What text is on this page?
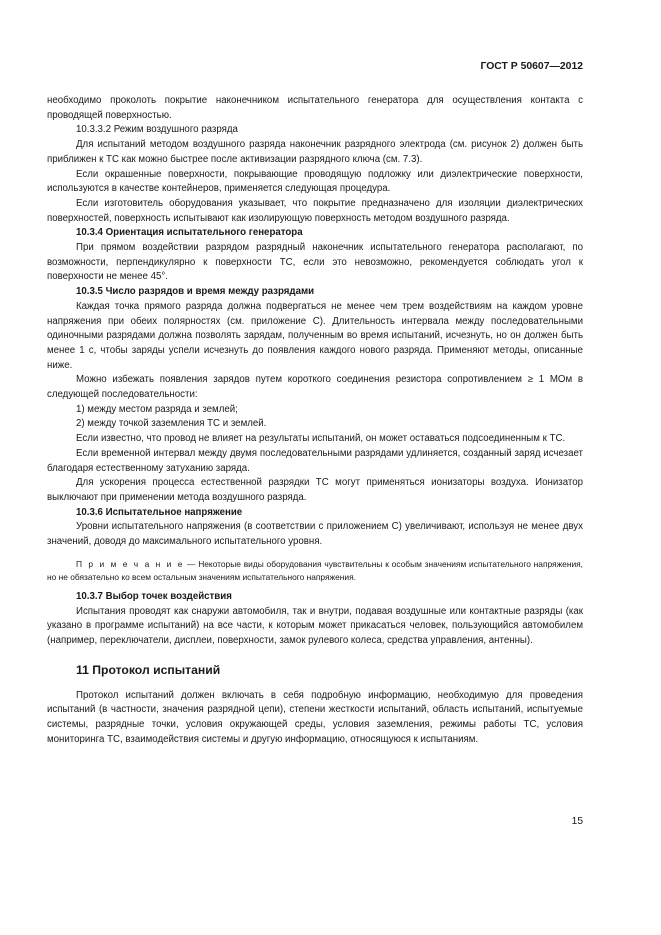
ГОСТ Р 50607—2012

необходимо проколоть покрытие наконечником испытательного генератора для осуществления контакта с проводящей поверхностью.

10.3.3.2 Режим воздушного разряда

Для испытаний методом воздушного разряда наконечник разрядного электрода (см. рисунок 2) должен быть приближен к ТС как можно быстрее после активизации разрядного ключа (см. 7.3).

Если окрашенные поверхности, покрывающие проводящую подложку или диэлектрические поверхности, используются в качестве контейнеров, применяется следующая процедура.

Если изготовитель оборудования указывает, что покрытие предназначено для изоляции диэлектрических поверхностей, поверхность испытывают как изолирующую поверхность методом воздушного разряда.

10.3.4 Ориентация испытательного генератора

При прямом воздействии разрядом разрядный наконечник испытательного генератора располагают, по возможности, перпендикулярно к поверхности ТС, если это невозможно, рекомендуется соблюдать угол к поверхности не менее 45°.

10.3.5 Число разрядов и время между разрядами

Каждая точка прямого разряда должна подвергаться не менее чем трем воздействиям на каждом уровне напряжения при обеих полярностях (см. приложение С). Длительность интервала между последовательными одиночными разрядами должна позволять зарядам, полученным во время испытаний, исчезнуть, но он должен быть менее 1 с, чтобы заряды успели исчезнуть до появления каждого нового разряда. Применяют методы, описанные ниже.

Можно избежать появления зарядов путем короткого соединения резистора сопротивлением ≥ 1 МОм в следующей последовательности:

1) между местом разряда и землей;

2) между точкой заземления ТС и землей.

Если известно, что провод не влияет на результаты испытаний, он может оставаться подсоединенным к ТС.

Если временной интервал между двумя последовательными разрядами удлиняется, созданный заряд исчезает благодаря естественному затуханию заряда.

Для ускорения процесса естественной разрядки ТС могут применяться ионизаторы воздуха. Ионизатор выключают при применении метода воздушного разряда.

10.3.6 Испытательное напряжение

Уровни испытательного напряжения (в соответствии с приложением С) увеличивают, используя не менее двух значений, доводя до максимального испытательного уровня.

П р и м е ч а н и е — Некоторые виды оборудования чувствительны к особым значениям испытательного напряжения, но не обязательно ко всем остальным значениям испытательного напряжения.

10.3.7 Выбор точек воздействия

Испытания проводят как снаружи автомобиля, так и внутри, подавая воздушные или контактные разряды (как указано в программе испытаний) на все части, к которым может прикасаться человек, пользующийся автомобилем (например, переключатели, дисплеи, поверхности, замок рулевого колеса, средства управления, антенны).

11 Протокол испытаний

Протокол испытаний должен включать в себя подробную информацию, необходимую для проведения испытаний (в частности, значения разрядной цепи), степени жесткости испытаний, область испытаний, испытуемые системы, разрядные точки, условия окружающей среды, условия заземления, режимы работы ТС, условия мониторинга ТС, взаимодействия системы и другую информацию, относящуюся к испытаниям.

15
